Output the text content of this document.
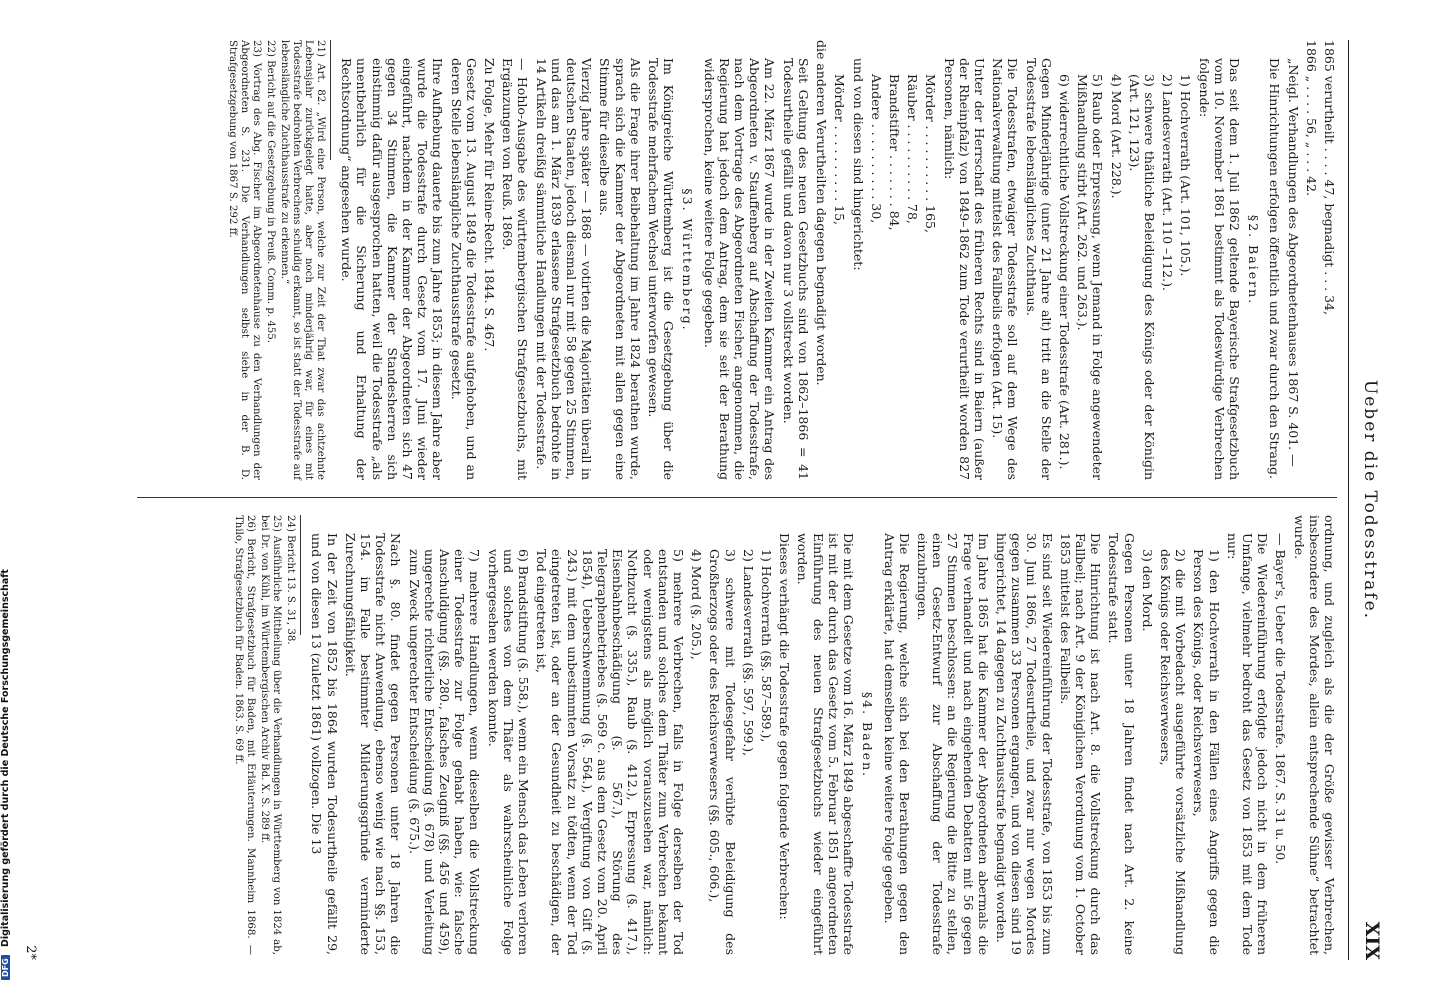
DFG Digitalisierung gefördert durch die Deutsche Forschungsgemeinschaft
Ueber die Todesstrafe.
XIX

1865 verurtheilt . . . . 47, begnadigt . . . 34,

1866 „ . . . . 56, „ . . . 42.

„Neigl. Verhandlungen des Abgeordnetenhauses 1867 S. 401. —

Die Hinrichtungen erfolgen öffentlich und zwar durch den Strang.

§2. Baiern.

Das seit dem 1. Juli 1862 geltende Bayerische Strafgesetzbuch vom 10. November 1861 bestimmt als Todeswürdige Verbrechen folgende:

1) Hochverrath (Art. 101, 105.).

2) Landesverrath (Art. 110 –112.).

3) schwere thätliche Beleidigung des Königs oder der Königin (Art. 121, 123).

4) Mord (Art. 228.).

5) Raub oder Erpressung, wenn Jemand in Folge angewendeter Mißhandlung stirbt (Art. 262. und 263.).

6) widerrechtliche Vollstreckung einer Todesstrafe (Art. 281.).

Gegen Minderjährige (unter 21 Jahre alt) tritt an die Stelle der Todesstrafe lebenslängliches Zuchthaus.

Die Todesstrafen, etwaiger Todesstrafe soll auf dem Wege des Nationalverwaltung mittelst des Fallbeils erfolgen (Art. 15).

Unter der Herrschaft des früheren Rechts sind in Baiern (außer der Rheinpfalz) von 1849–1862 zum Tode verurtheilt worden 827 Personen, nämlich:

Mörder . . . . . . . . . . 165,

Räuber . . . . . . . . . . 78,

Brandstifter . . . . . . . 84,

Andere . . . . . . . . . . 30,

und von diesen sind hingerichtet:

Mörder . . . . . . . . . . 15,

die anderen Verurtheilten dagegen begnadigt worden.

Seit Geltung des neuen Gesetzbuchs sind von 1862–1866 = 41 Todesurtheile gefällt und davon nur 3 vollstreckt worden.

Am 22. März 1867 wurde in der Zweiten Kammer ein Antrag des Abgeordneten v. Stauffenberg auf Abschaffung der Todesstrafe, nach dem Vortrage des Abgeordneten Fischer, angenommen, die Regierung hat jedoch dem Antrag, dem sie seit der Berathung widersprochen, keine weitere Folge gegeben.

§3. Württemberg.

Im Königreiche Württemberg ist die Gesetzgebung über die Todesstrafe mehrfachem Wechsel unterworfen gewesen.

Als die Frage ihrer Beibehaltung im Jahre 1824 berathen wurde, sprach sich die Kammer der Abgeordneten mit allen gegen eine Stimme für dieselbe aus.

Vierzig Jahre später — 1868 — votirten die Majoritäten überall in deutschen Staaten, jedoch diesmal nur mit 58 gegen 25 Stimmen, und das am 1. März 1839 erlassene Strafgesetzbuch bedrohte in 14 Artikeln dreißig sämmtliche Handlungen mit der Todesstrafe.

— Hohlo-Ausgabe des württembergischen Strafgesetzbuchs, mit Ergänzungen von Reuß. 1869.

Zu Folge, Mehr für Reine-Recht. 1844. S. 467.

Gesetz vom 13. August 1849 die Todesstrafe aufgehoben, und an deren Stelle lebenslängliche Zuchthausstrafe gesetzt.

Ihre Aufhebung dauerte bis zum Jahre 1853; in diesem Jahre aber wurde die Todesstrafe durch Gesetz vom 17. Juni wieder eingeführt, nachdem in der Kammer der Abgeordneten sich 47 gegen 34 Stimmen, die Kammer der Standesherren sich einstimmig dafür ausgesprochen hatten, weil die Todesstrafe „als unentbehrlich für die Sicherung und Erhaltung der Rechtsordnung“ angesehen wurde.

21) Art. 82. „Wird eine Person, welche zur Zeit der That zwar das achtzehnte Lebensjahr zurückgelegt hatte, aber noch minderjährig war, für eines mit Todesstrafe bedrohten Verbrechens schuldig erkannt, so ist statt der Todesstrafe auf lebenslängliche Zuchthausstrafe zu erkennen.“

22) Bericht auf die Gesetzgebung in Preuß. Comm. p. 455.

23) Vortrag des Abg. Fischer im Abgeordnetenhause zu den Verhandlungen der Abgeordneten S. 231. Die Verhandlungen selbst siehe in der B. D. Strafgesetzgebung von 1867 S. 292 ff.

ordnung, und zugleich als die der Größe gewisser Verbrechen, insbesondere des Mordes, allein entsprechende Sühne“ betrachtet wurde.

— Bayer's, Ueber die Todesstrafe. 1867. S. 31 u. 50.

Die Wiedereinführung erfolgte jedoch nicht in dem früheren Umfange, vielmehr bedroht das Gesetz von 1853 mit dem Tode nur:

1) den Hochverrath in den Fällen eines Angriffs gegen die Person des Königs, oder Reichsverwesers,

2) die mit Vorbedacht ausgeführte vorsätzliche Mißhandlung des Königs oder Reichsverwesers,

3) den Mord.

Gegen Personen unter 18 Jahren findet nach Art. 2. keine Todesstrafe statt.

Die Hinrichtung ist nach Art. 8. die Vollstreckung durch das Fallbeil; nach Art. 9 der Königlichen Verordnung vom 1. October 1853 mittelst des Fallbeils.

Es sind seit Wiedereinführung der Todesstrafe, von 1853 bis zum 30. Juni 1866, 27 Todesurtheile, und zwar nur wegen Mordes gegen zusammen 33 Personen ergangen, und von diesen sind 19 hingerichtet, 14 dagegen zu Zuchthausstrafe begnadigt worden.

Im Jahre 1865 hat die Kammer der Abgeordneten abermals die Frage verhandelt und nach eingehenden Debatten mit 56 gegen 27 Stimmen beschlossen: an die Regierung die Bitte zu stellen, einen Gesetz-Entwurf zur Abschaffung der Todesstrafe einzubringen.

Die Regierung, welche sich bei den Berathungen gegen den Antrag erklärte, hat demselben keine weitere Folge gegeben.

§4. Baden.

Die mit dem Gesetze vom 16. März 1849 abgeschaffte Todesstrafe ist mit der durch das Gesetz vom 5. Februar 1851 angeordneten Einführung des neuen Strafgesetzbuchs wieder eingeführt worden.

Dieses verhängt die Todesstrafe gegen folgende Verbrechen:

1) Hochverrath (§§. 587–589.),

2) Landesverrath (§§. 597, 599.),

3) schwere mit Todesgefahr verübte Beleidigung des Großherzogs oder des Reichsverwesers (§§. 605., 606.),

4) Mord (§. 205.),

5) mehrere Verbrechen, falls in Folge derselben der Tod entstanden und solches dem Thäter zum Verbrechen bekannt oder wenigstens als möglich vorauszusehen war, nämlich: Nothzucht (§. 335.), Raub (§. 412.), Erpressung (§. 417.), Eisenbahnbeschädigung (§. 567.), Störung des Telegraphenbetriebes (§. 569 c. aus dem Gesetz vom 20. April 1854), Ueberschwemmung (§. 564.), Vergiftung von Gift (§. 243.) mit dem unbestimmten Vorsatz zu tödten, wenn der Tod eingetreten ist, oder an der Gesundheit zu beschädigen, der Tod eingetreten ist,

6) Brandstiftung (§. 558.), wenn ein Mensch das Leben verloren und solches von dem Thäter als wahrscheinliche Folge vorhergesehen werden konnte.

7) mehrere Handlungen, wenn dieselben die Vollstreckung einer Todesstrafe zur Folge gehabt haben, wie: falsche Anschuldigung (§§. 280., falsches Zeugniß (§§. 456 und 459), ungerechte richterliche Entscheidung (§. 678) und Verleitung zum Zweck ungerechter Entscheidung (§. 675.).

Nach §. 80. findet gegen Personen unter 18 Jahren die Todesstrafe nicht Anwendung, ebenso wenig wie nach §§. 153, 154. im Falle bestimmter Milderungsgründe verminderte Zurechnungsfähigkeit.

In der Zeit von 1852 bis 1864 wurden Todesurtheile gefällt 29, und von diesen 13 (zuletzt 1861) vollzogen. Die 13

24) Bericht 13. S. 31, 38.

25) Ausführliche Mittheilung über die Verhandlungen in Württemberg von 1824 ab, bei Dr. von Kühl, im Württembergischen Archiv Bd. X. S. 289 ff.

26) Bericht, Strafgesetzbuch für Baden, mit Erläuterungen. Mannheim 1868. — Thilo, Strafgesetzbuch für Baden. 1863. S. 69 ff.

2*
